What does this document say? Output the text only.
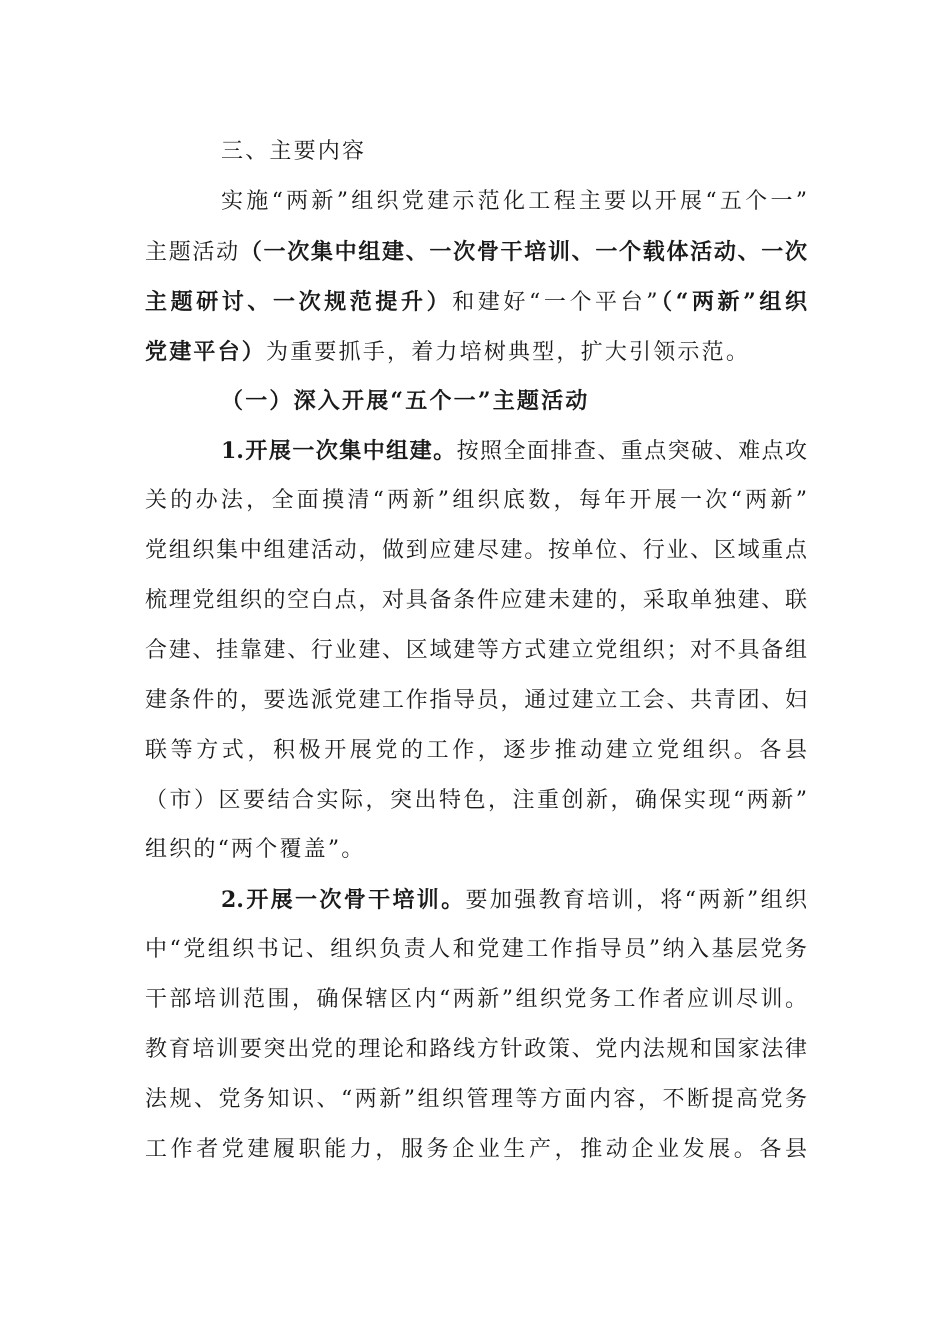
三、主要内容
实施“两新”组织党建示范化工程主要以开展“五个一”
主题活动（一次集中组建、一次骨干培训、一个载体活动、一次
主题研讨、一次规范提升）和建好“一个平台”（“两新”组织
党建平台）为重要抓手，着力培树典型，扩大引领示范。
（一）深入开展“五个一”主题活动
1.开展一次集中组建。按照全面排查、重点突破、难点攻
关的办法，全面摸清“两新”组织底数，每年开展一次“两新”
党组织集中组建活动，做到应建尽建。按单位、行业、区域重点
梳理党组织的空白点，对具备条件应建未建的，采取单独建、联
合建、挂靠建、行业建、区域建等方式建立党组织；对不具备组
建条件的，要选派党建工作指导员，通过建立工会、共青团、妇
联等方式，积极开展党的工作，逐步推动建立党组织。各县
（市）区要结合实际，突出特色，注重创新，确保实现“两新”
组织的“两个覆盖”。
2.开展一次骨干培训。要加强教育培训，将“两新”组织
中“党组织书记、组织负责人和党建工作指导员”纳入基层党务
干部培训范围，确保辖区内“两新”组织党务工作者应训尽训。
教育培训要突出党的理论和路线方针政策、党内法规和国家法律
法规、党务知识、“两新”组织管理等方面内容，不断提高党务
工作者党建履职能力，服务企业生产，推动企业发展。各县
